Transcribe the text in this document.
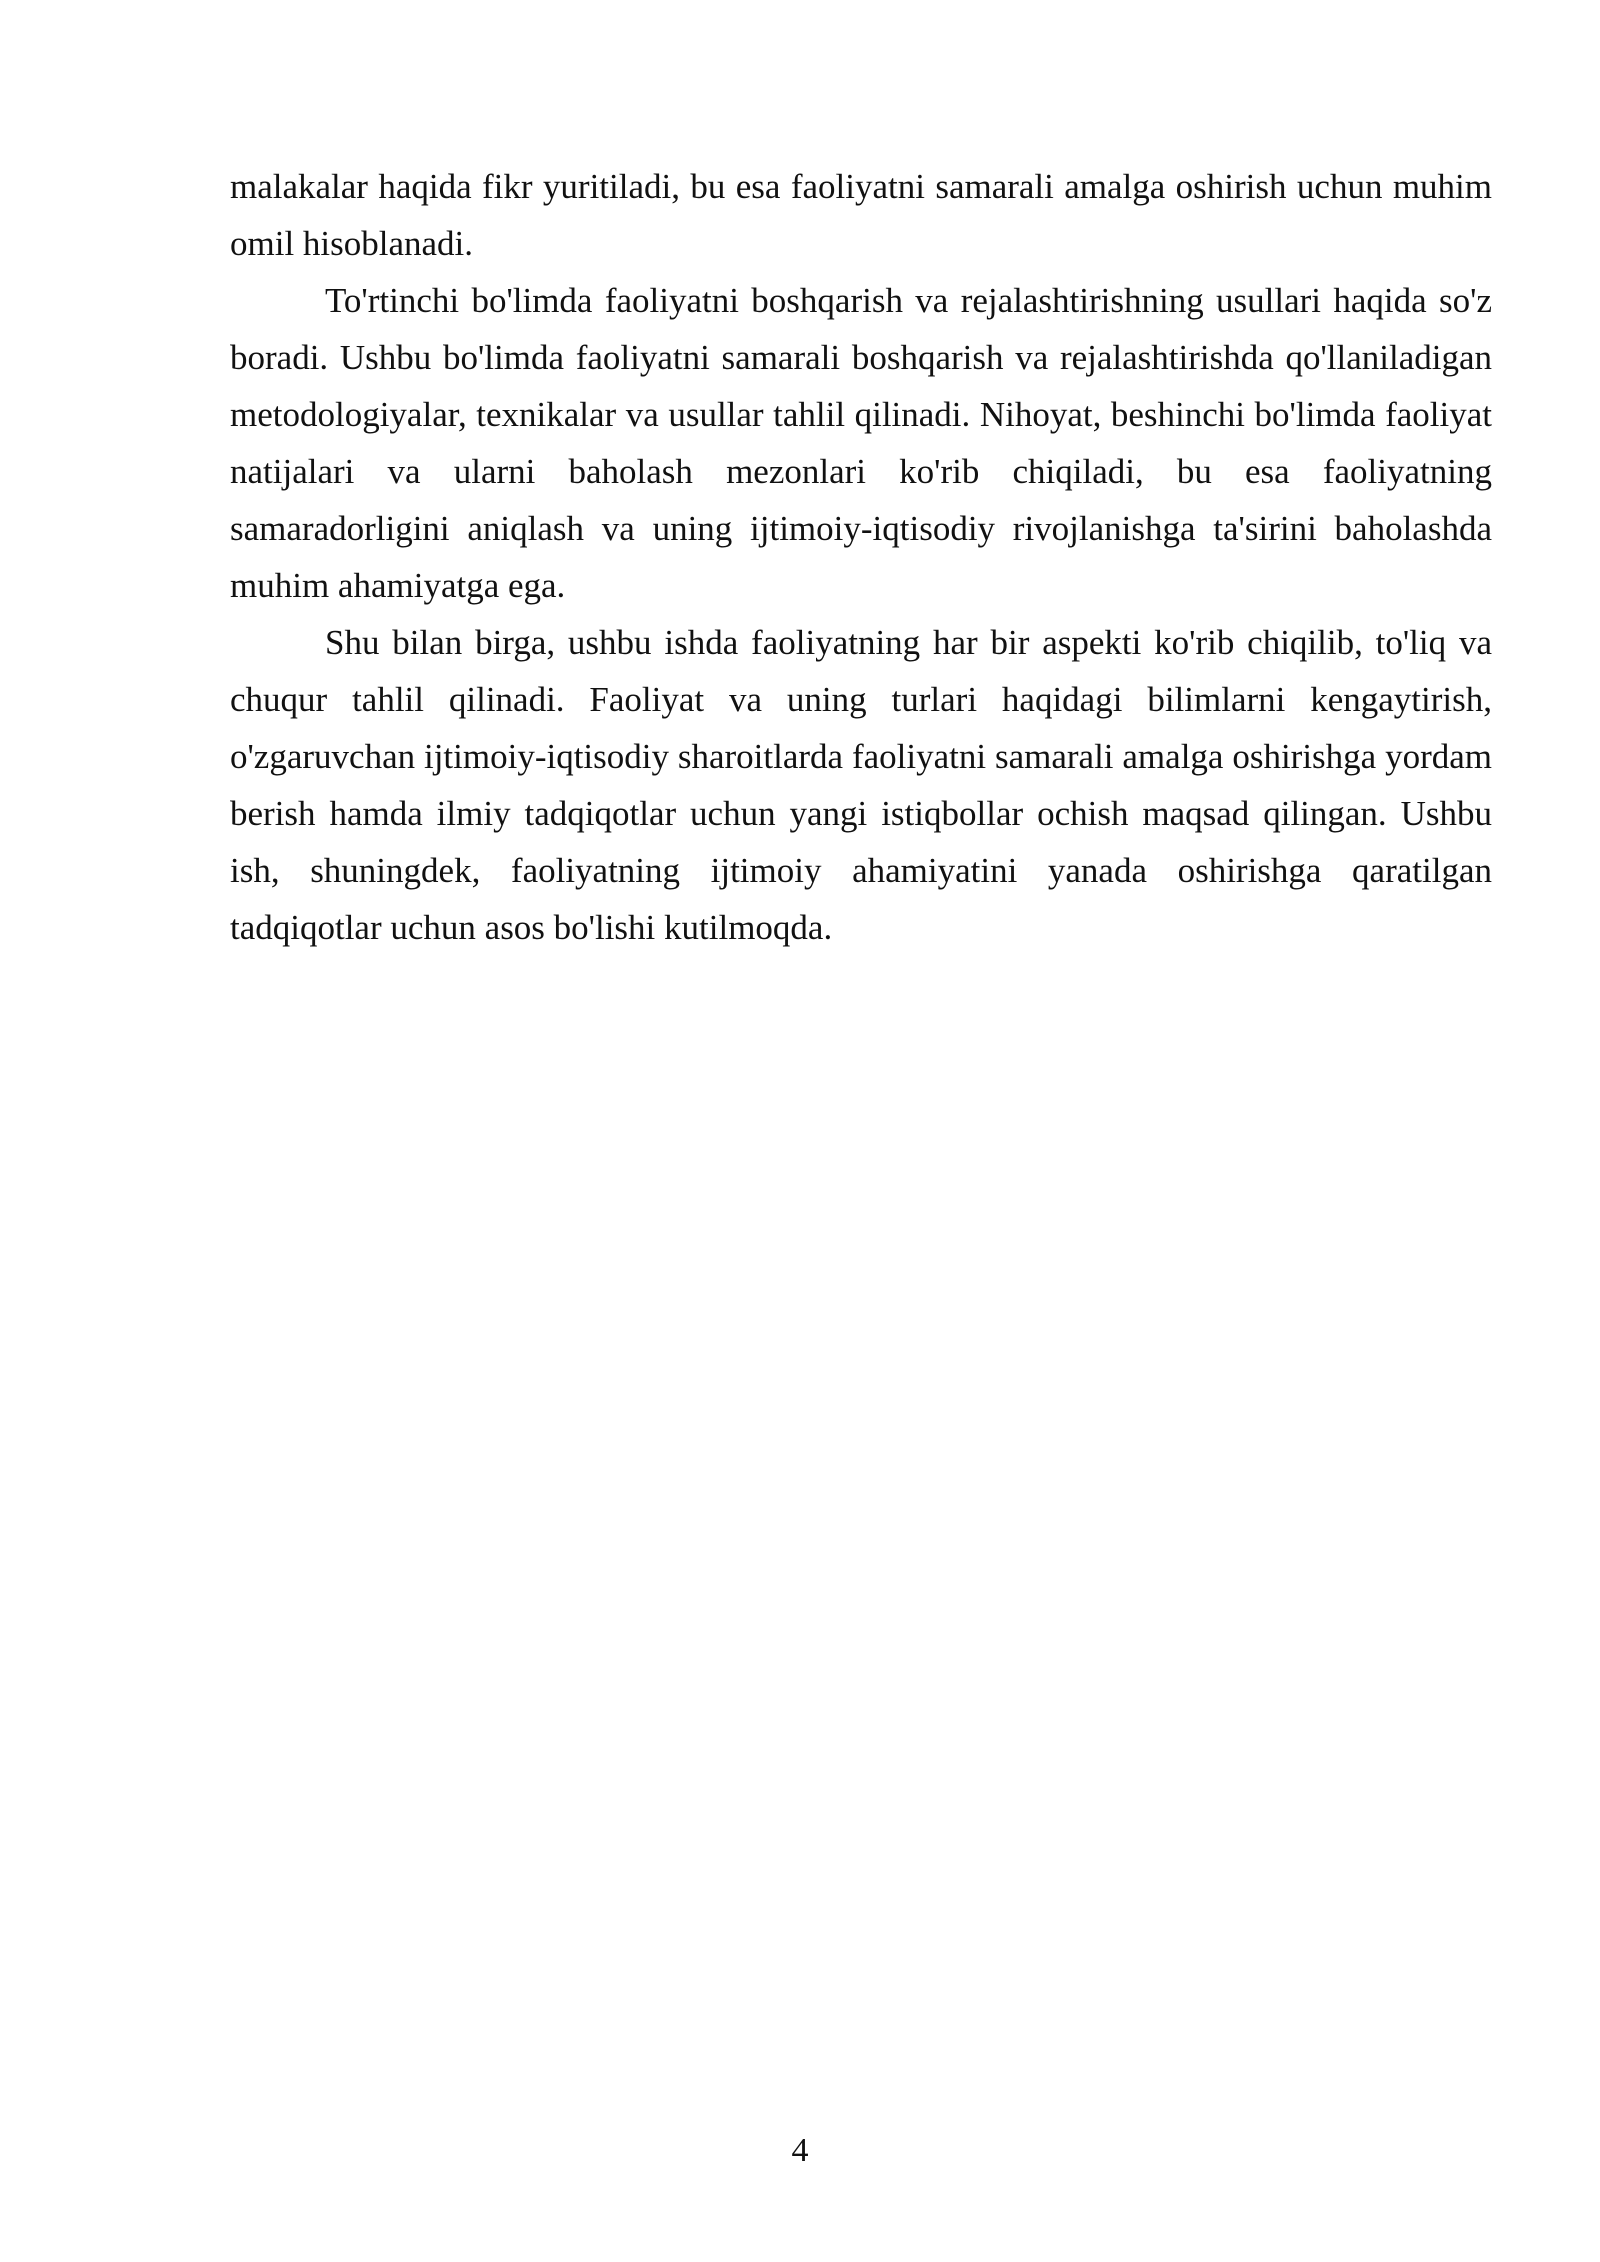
malakalar haqida fikr yuritiladi, bu esa faoliyatni samarali amalga oshirish uchun muhim omil hisoblanadi.

To'rtinchi bo'limda faoliyatni boshqarish va rejalashtirishning usullari haqida so'z boradi. Ushbu bo'limda faoliyatni samarali boshqarish va rejalashtirishda qo'llaniladigan metodologiyalar, texnikalar va usullar tahlil qilinadi. Nihoyat, beshinchi bo'limda faoliyat natijalari va ularni baholash mezonlari ko'rib chiqiladi, bu esa faoliyatning samaradorligini aniqlash va uning ijtimoiy-iqtisodiy rivojlanishga ta'sirini baholashda muhim ahamiyatga ega.

Shu bilan birga, ushbu ishda faoliyatning har bir aspekti ko'rib chiqilib, to'liq va chuqur tahlil qilinadi. Faoliyat va uning turlari haqidagi bilimlarni kengaytirish, o'zgaruvchan ijtimoiy-iqtisodiy sharoitlarda faoliyatni samarali amalga oshirishga yordam berish hamda ilmiy tadqiqotlar uchun yangi istiqbollar ochish maqsad qilingan. Ushbu ish, shuningdek, faoliyatning ijtimoiy ahamiyatini yanada oshirishga qaratilgan tadqiqotlar uchun asos bo'lishi kutilmoqda.

4
